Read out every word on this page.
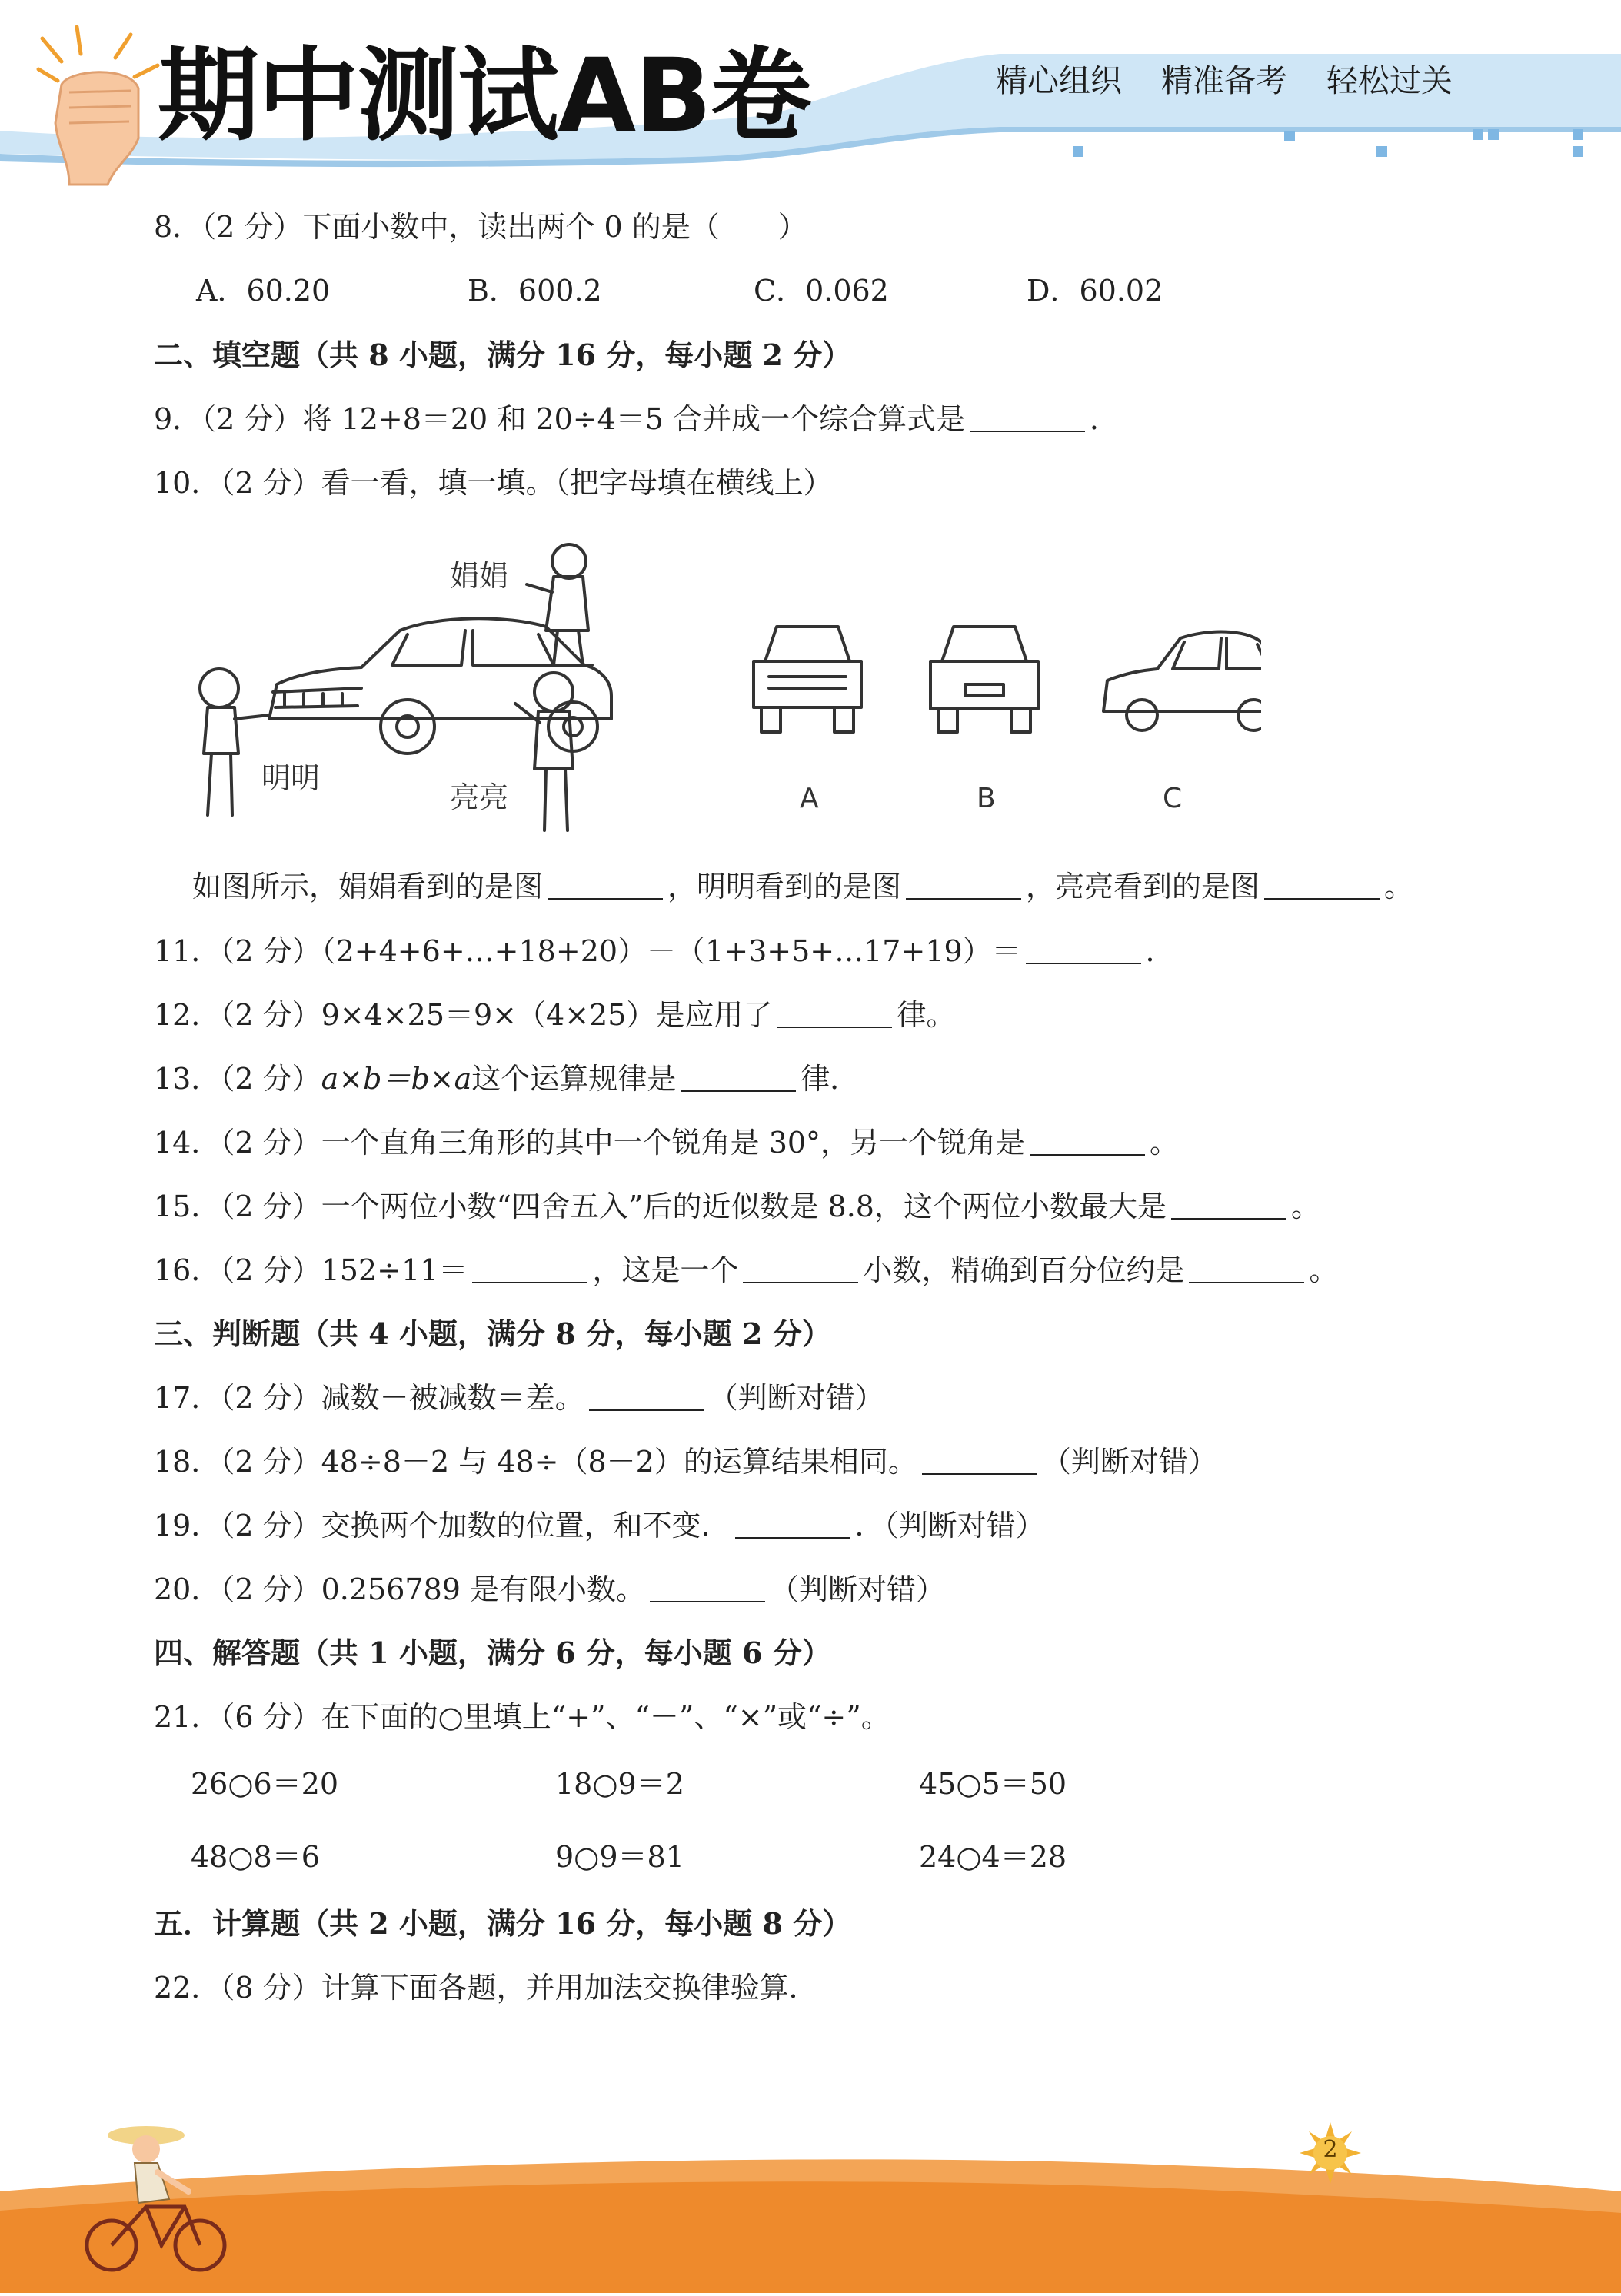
期中测试AB卷	精心组织 精准备考 轻松过关
8．（2 分）下面小数中，读出两个 0 的是（　　）
A．60.20	B．600.2	C．0.062	D．60.02
二、填空题（共 8 小题，满分 16 分，每小题 2 分）
9．（2 分）将 12+8＝20 和 20÷4＝5 合并成一个综合算式是	．
10．（2 分）看一看，填一填。（把字母填在横线上）
娟娟
明明
亮亮	A	B	C
如图所示，娟娟看到的是图	，明明看到的是图	，亮亮看到的是图	。
11．（2 分）（2+4+6+…+18+20）－（1+3+5+…17+19）＝	．
12．（2 分）9×4×25＝9×（4×25）是应用了	律。
13．（2 分）a×b＝b×a这个运算规律是	律．
14．（2 分）一个直角三角形的其中一个锐角是 30°，另一个锐角是	。
15．（2 分）一个两位小数“四舍五入”后的近似数是 8.8，这个两位小数最大是	。
16．（2 分）152÷11＝	，这是一个	小数，精确到百分位约是	。
三、判断题（共 4 小题，满分 8 分，每小题 2 分）
17．（2 分）减数－被减数＝差。	（判断对错）
18．（2 分）48÷8－2 与 48÷（8－2）的运算结果相同。	（判断对错）
19．（2 分）交换两个加数的位置，和不变．	．（判断对错）
20．（2 分）0.256789 是有限小数。	（判断对错）
四、解答题（共 1 小题，满分 6 分，每小题 6 分）
21．（6 分）在下面的○里填上“+”、“－”、“×”或“÷”。
26○6＝20	18○9＝2	45○5＝50
48○8＝6	9○9＝81	24○4＝28
五．计算题（共 2 小题，满分 16 分，每小题 8 分）
22．（8 分）计算下面各题，并用加法交换律验算．
2
